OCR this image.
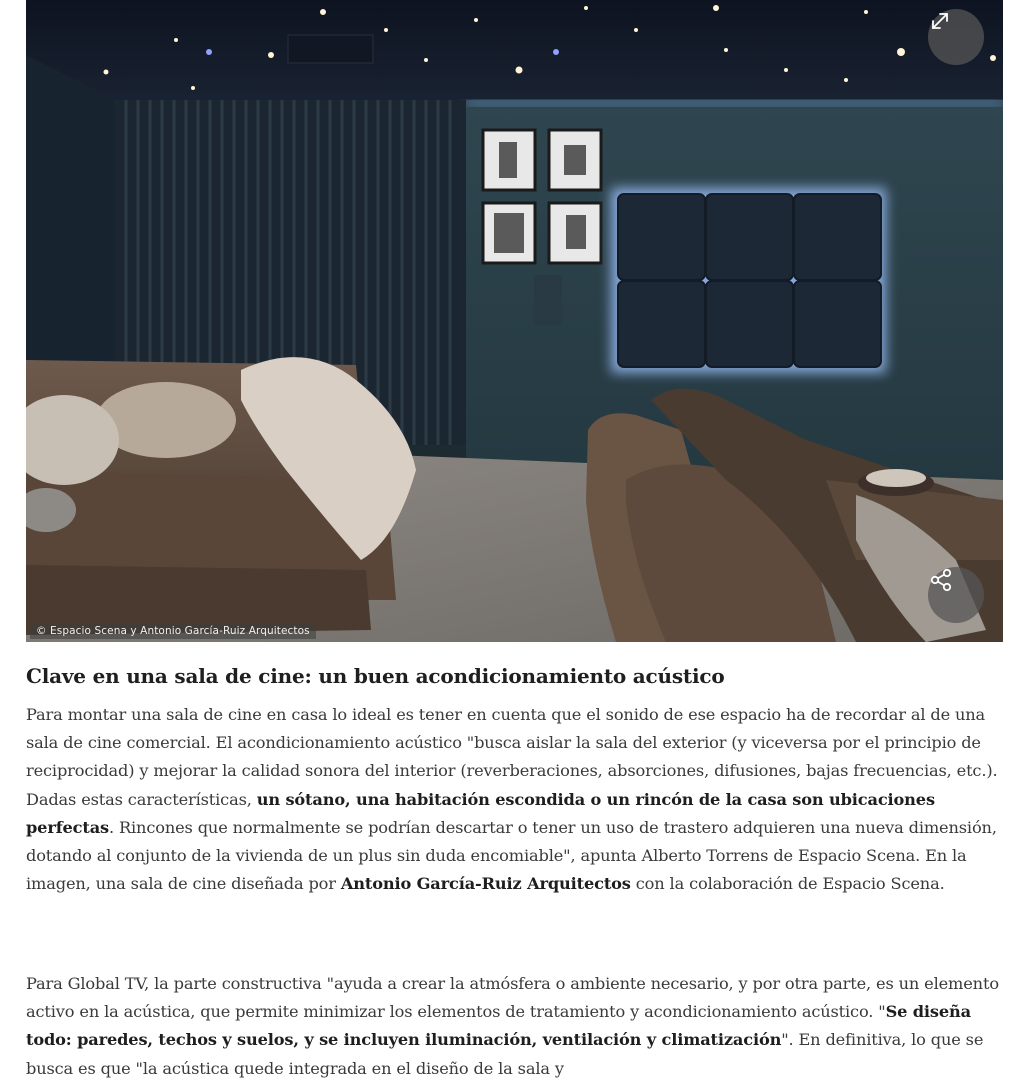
© Espacio Scena y Antonio García-Ruiz Arquitectos
Clave en una sala de cine: un buen acondicionamiento acústico

Para montar una sala de cine en casa lo ideal es tener en cuenta que el sonido de ese espacio ha de recordar al de una sala de cine comercial. El acondicionamiento acústico "busca aislar la sala del exterior (y viceversa por el principio de reciprocidad) y mejorar la calidad sonora del interior (reverberaciones, absorciones, difusiones, bajas frecuencias, etc.). Dadas estas características, un sótano, una habitación escondida o un rincón de la casa son ubicaciones perfectas. Rincones que normalmente se podrían descartar o tener un uso de trastero adquieren una nueva dimensión, dotando al conjunto de la vivienda de un plus sin duda encomiable", apunta Alberto Torrens de Espacio Scena. En la imagen, una sala de cine diseñada por Antonio García-Ruiz Arquitectos con la colaboración de Espacio Scena.

Para Global TV, la parte constructiva "ayuda a crear la atmósfera o ambiente necesario, y por otra parte, es un elemento activo en la acústica, que permite minimizar los elementos de tratamiento y acondicionamiento acústico. "Se diseña todo: paredes, techos y suelos, y se incluyen iluminación, ventilación y climatización". En definitiva, lo que se busca es que "la acústica quede integrada en el diseño de la sala y
